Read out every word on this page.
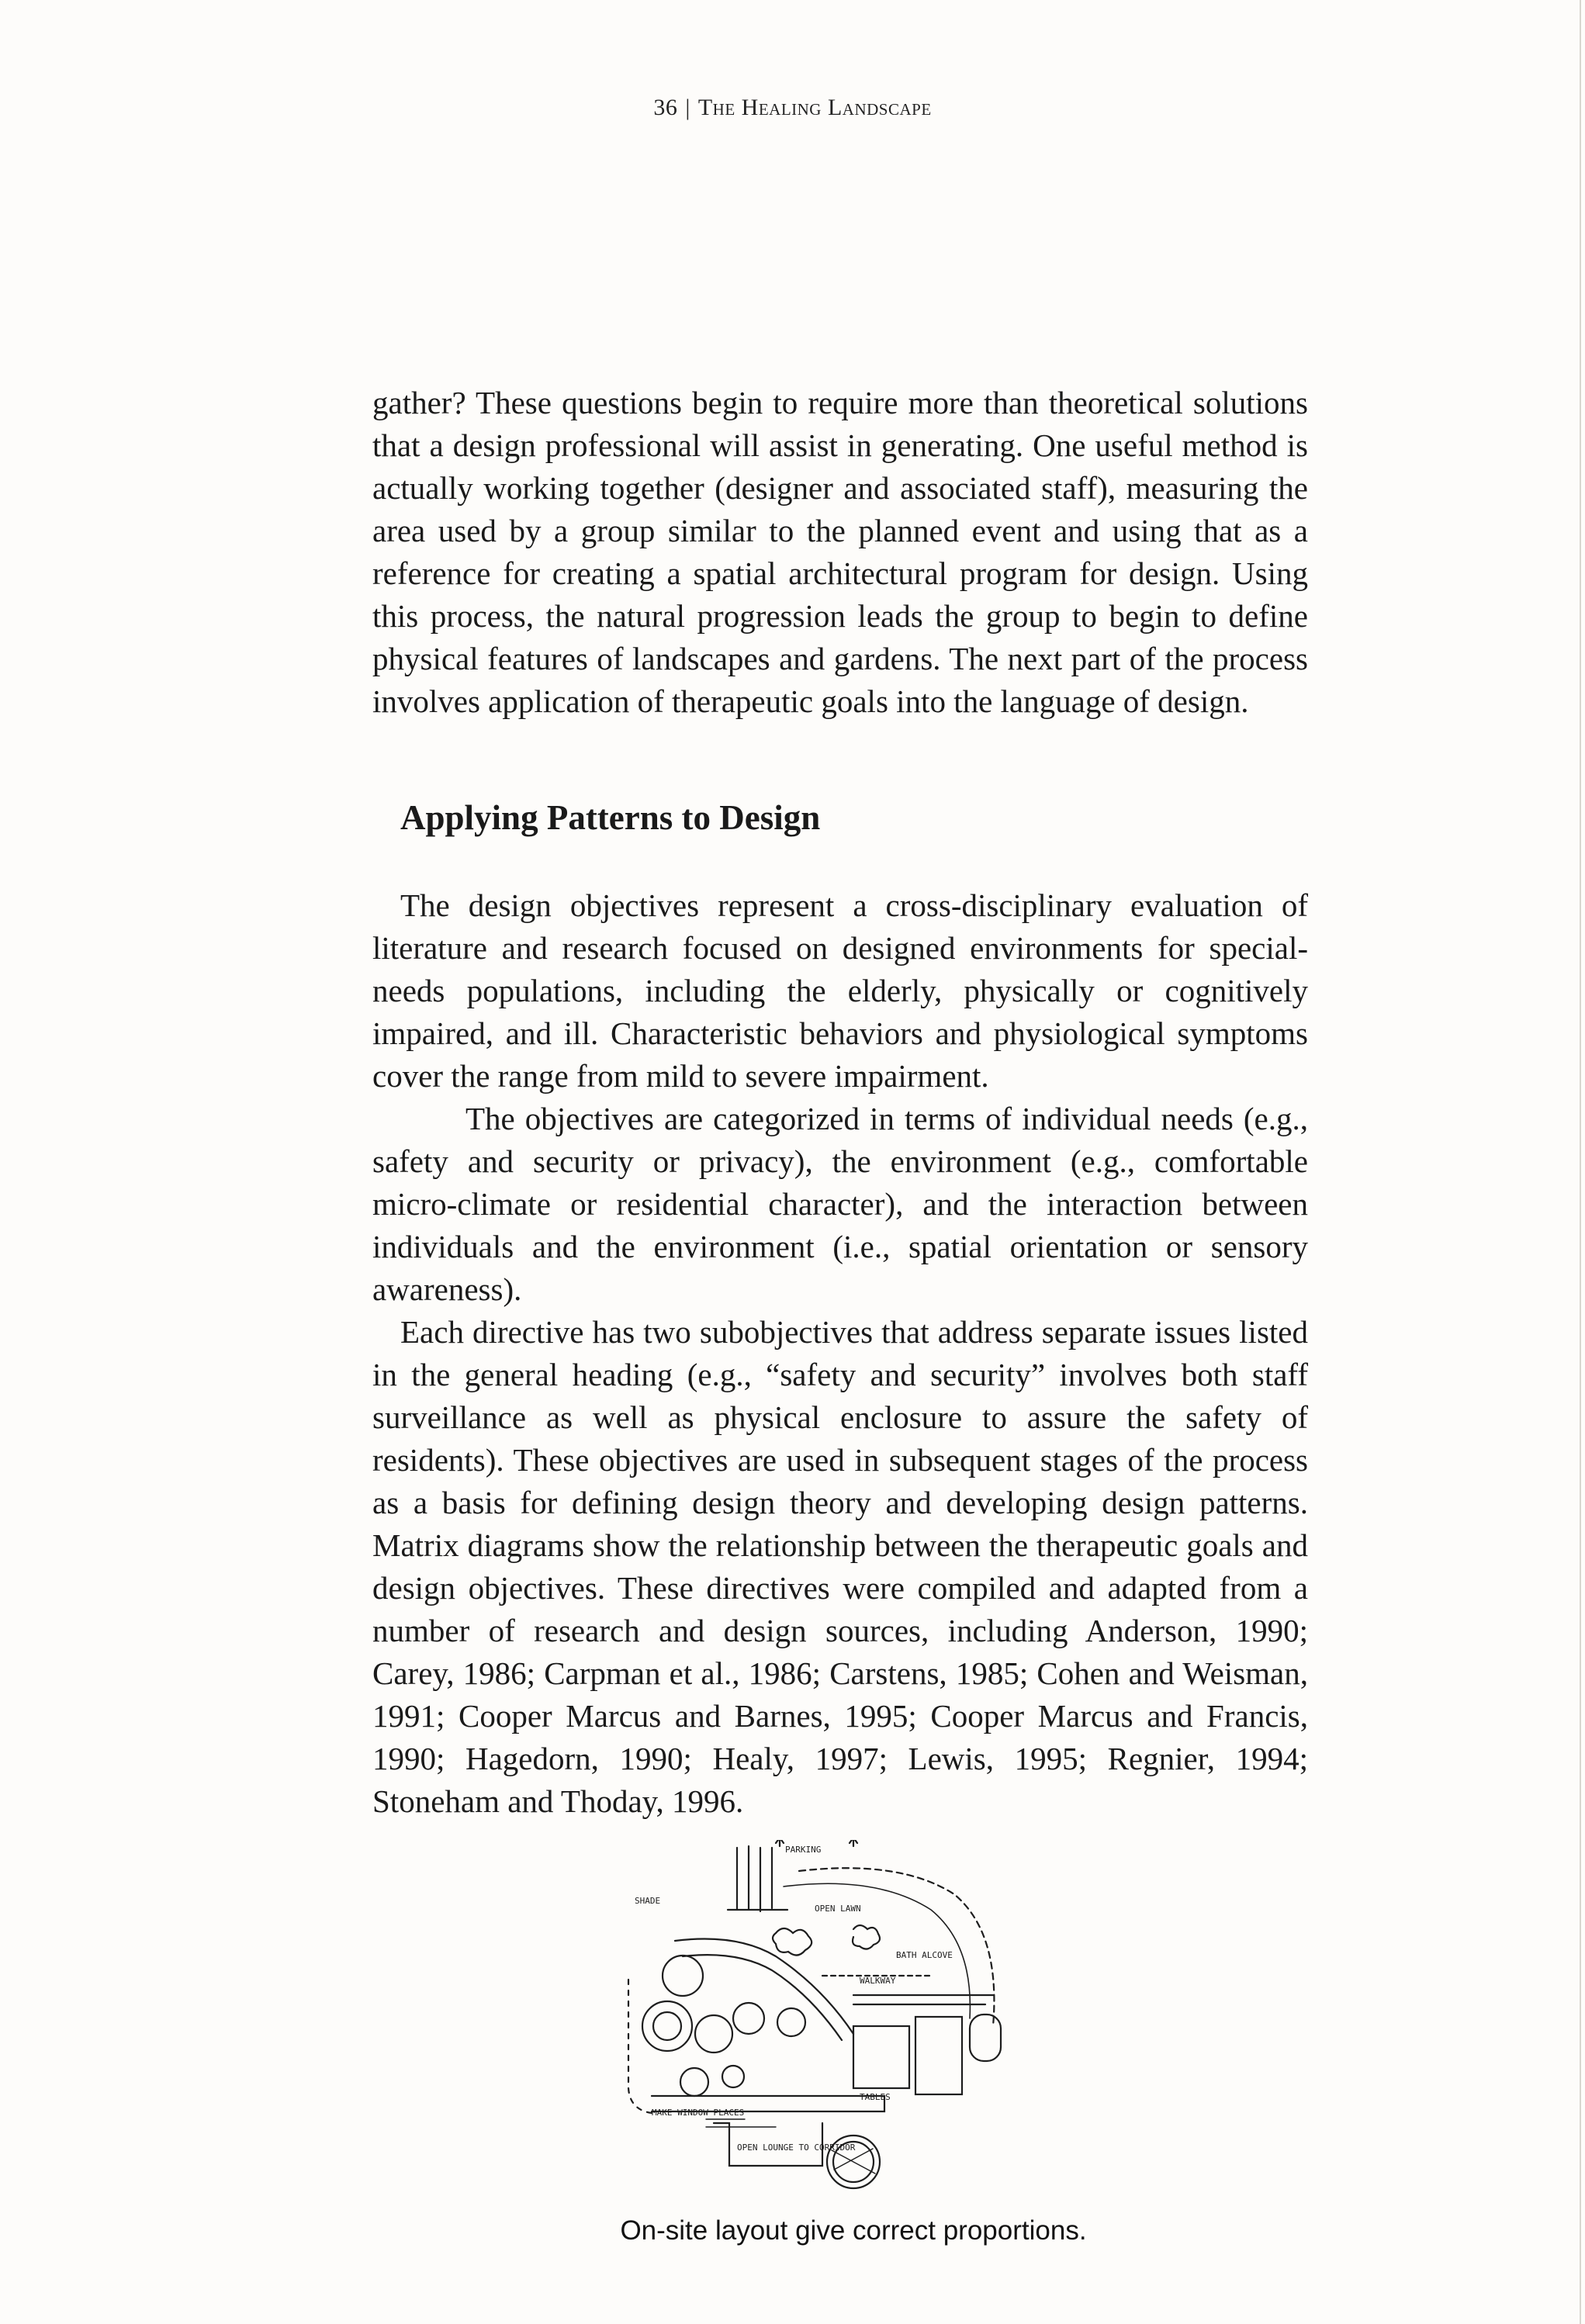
36 | The Healing Landscape

gather? These questions begin to require more than theoretical solutions that a design professional will assist in generating. One useful method is actually working together (designer and associated staff), measuring the area used by a group similar to the planned event and using that as a reference for creating a spatial architectural program for design. Using this process, the natural progression leads the group to begin to define physical features of landscapes and gardens. The next part of the process involves application of therapeutic goals into the language of design.

Applying Patterns to Design

The design objectives represent a cross-disciplinary evaluation of literature and research focused on designed environments for special-needs populations, including the elderly, physically or cognitively impaired, and ill. Characteristic behaviors and physiological symptoms cover the range from mild to severe impairment.

The objectives are categorized in terms of individual needs (e.g., safety and security or privacy), the environment (e.g., comfortable micro-climate or residential character), and the interaction between individuals and the environment (i.e., spatial orientation or sensory awareness).

Each directive has two subobjectives that address separate issues listed in the general heading (e.g., “safety and security” involves both staff surveillance as well as physical enclosure to assure the safety of residents). These objectives are used in subsequent stages of the process as a basis for defining design theory and developing design patterns. Matrix diagrams show the relationship between the therapeutic goals and design objectives. These directives were compiled and adapted from a number of research and design sources, including Anderson, 1990; Carey, 1986; Carpman et al., 1986; Carstens, 1985; Cohen and Weisman, 1991; Cooper Marcus and Barnes, 1995; Cooper Marcus and Francis, 1990; Hagedorn, 1990; Healy, 1997; Lewis, 1995; Regnier, 1994; Stoneham and Thoday, 1996.

PARKING
OPEN LAWN
SHADE
WALKWAY
BATH ALCOVE
OPEN LOUNGE TO CORRIDOR
TABLES
MAKE WINDOW PLACES
On-site layout give correct proportions.
